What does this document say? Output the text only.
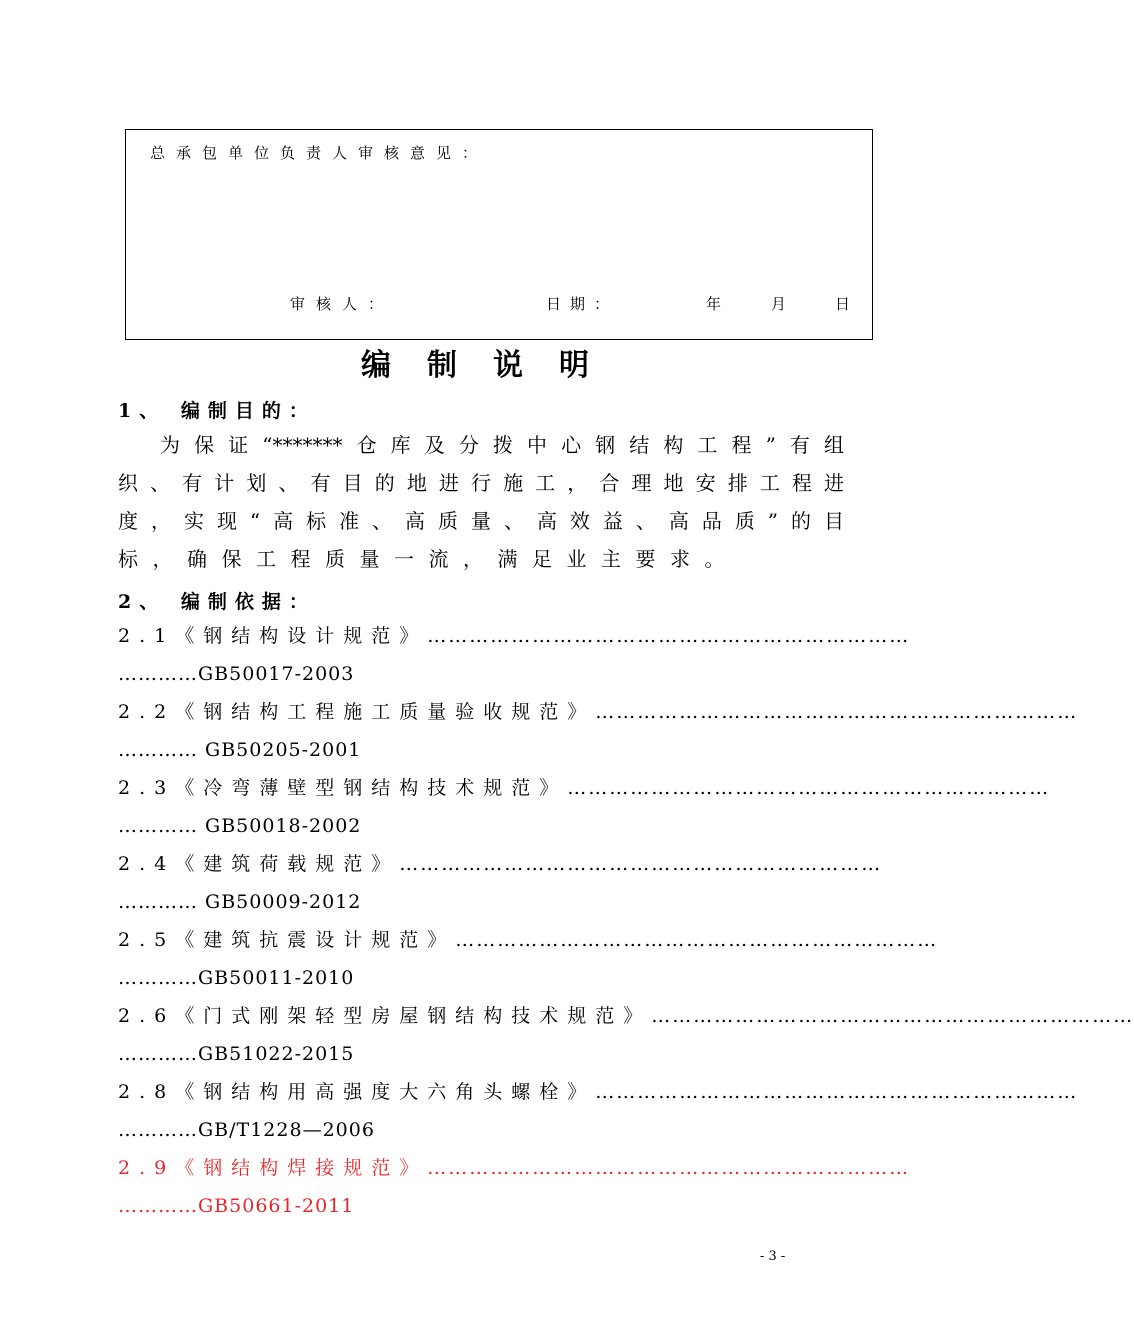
总承包单位负责人审核意见：
审核人：	日期：	年	月	日
编制说明
1、 编制目的：
为保证“*******仓库及分拨中心钢结构工程”有组
织、有计划、有目的地进行施工，合理地安排工程进
度，实现“高标准、高质量、高效益、高品质”的目
标，确保工程质量一流，满足业主要求。
2、 编制依据：
2.1《钢结构设计规范》 ……………………………………………………………
…………GB50017-2003
2.2《钢结构工程施工质量验收规范》 ……………………………………………………………
………… GB50205-2001
2.3《冷弯薄壁型钢结构技术规范》 ……………………………………………………………
………… GB50018-2002
2.4《建筑荷载规范》 ……………………………………………………………
………… GB50009-2012
2.5《建筑抗震设计规范》 ……………………………………………………………
…………GB50011-2010
2.6《门式刚架轻型房屋钢结构技术规范》 ……………………………………………………………
…………GB51022-2015
2.8《钢结构用高强度大六角头螺栓》 ……………………………………………………………
…………GB/T1228—2006
2.9《钢结构焊接规范》 ……………………………………………………………
…………GB50661-2011
- 3 -
